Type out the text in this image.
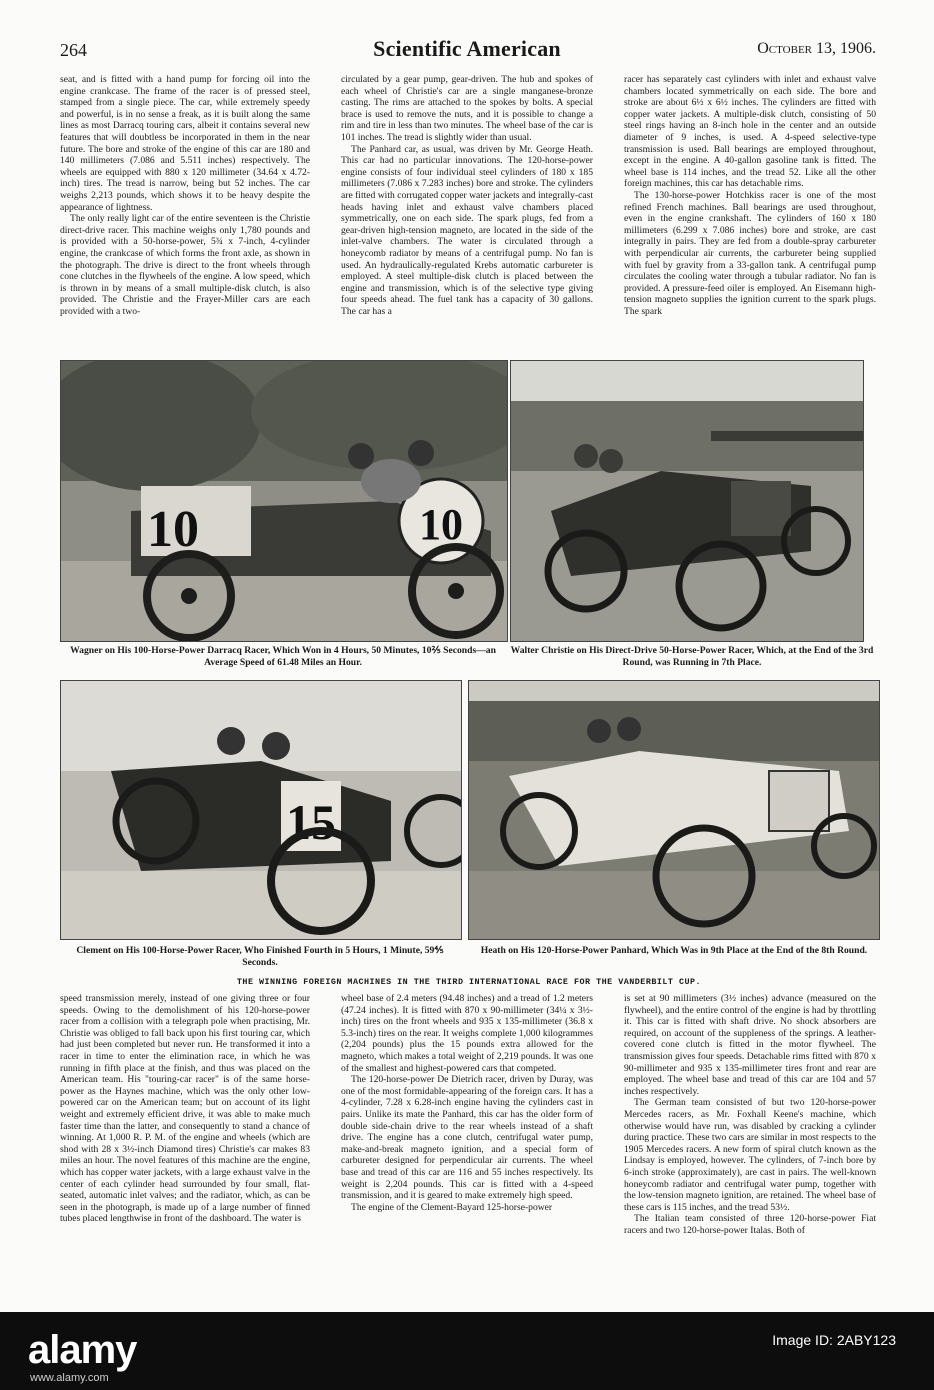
264	Scientific American	October 13, 1906.

seat, and is fitted with a hand pump for forcing oil into the engine crankcase. The frame of the racer is of pressed steel, stamped from a single piece. The car, while extremely speedy and powerful, is in no sense a freak, as it is built along the same lines as most Darracq touring cars, albeit it contains several new features that will doubtless be incorporated in them in the near future. The bore and stroke of the engine of this car are 180 and 140 millimeters (7.086 and 5.511 inches) respectively. The wheels are equipped with 880 x 120 millimeter (34.64 x 4.72-inch) tires. The tread is narrow, being but 52 inches. The car weighs 2,213 pounds, which shows it to be heavy despite the appearance of lightness.

The only really light car of the entire seventeen is the Christie direct-drive racer. This machine weighs only 1,780 pounds and is provided with a 50-horse-power, 5¾ x 7-inch, 4-cylinder engine, the crankcase of which forms the front axle, as shown in the photograph. The drive is direct to the front wheels through cone clutches in the flywheels of the engine. A low speed, which is thrown in by means of a small multiple-disk clutch, is also provided. The Christie and the Frayer-Miller cars are each provided with a two-

circulated by a gear pump, gear-driven. The hub and spokes of each wheel of Christie's car are a single manganese-bronze casting. The rims are attached to the spokes by bolts. A special brace is used to remove the nuts, and it is possible to change a rim and tire in less than two minutes. The wheel base of the car is 101 inches. The tread is slightly wider than usual.

The Panhard car, as usual, was driven by Mr. George Heath. This car had no particular innovations. The 120-horse-power engine consists of four individual steel cylinders of 180 x 185 millimeters (7.086 x 7.283 inches) bore and stroke. The cylinders are fitted with corrugated copper water jackets and integrally-cast heads having inlet and exhaust valve chambers placed symmetrically, one on each side. The spark plugs, fed from a gear-driven high-tension magneto, are located in the side of the inlet-valve chambers. The water is circulated through a honeycomb radiator by means of a centrifugal pump. No fan is used. An hydraulically-regulated Krebs automatic carbureter is employed. A steel multiple-disk clutch is placed between the engine and transmission, which is of the selective type giving four speeds ahead. The fuel tank has a capacity of 30 gallons. The car has a

racer has separately cast cylinders with inlet and exhaust valve chambers located symmetrically on each side. The bore and stroke are about 6½ x 6½ inches. The cylinders are fitted with copper water jackets. A multiple-disk clutch, consisting of 50 steel rings having an 8-inch hole in the center and an outside diameter of 9 inches, is used. A 4-speed selective-type transmission is used. Ball bearings are employed throughout, except in the engine. A 40-gallon gasoline tank is fitted. The wheel base is 114 inches, and the tread 52. Like all the other foreign machines, this car has detachable rims.

The 130-horse-power Hotchkiss racer is one of the most refined French machines. Ball bearings are used throughout, even in the engine crankshaft. The cylinders of 160 x 180 millimeters (6.299 x 7.086 inches) bore and stroke, are cast integrally in pairs. They are fed from a double-spray carbureter with perpendicular air currents, the carbureter being supplied with fuel by gravity from a 33-gallon tank. A centrifugal pump circulates the cooling water through a tubular radiator. No fan is provided. A pressure-feed oiler is employed. An Eisemann high-tension magneto supplies the ignition current to the spark plugs. The spark

10
10
Wagner on His 100-Horse-Power Darracq Racer, Which Won in 4 Hours, 50 Minutes, 10⅖ Seconds—an Average Speed of 61.48 Miles an Hour.
Walter Christie on His Direct-Drive 50-Horse-Power Racer, Which, at the End of the 3rd Round, was Running in 7th Place.
15
Clement on His 100-Horse-Power Racer, Who Finished Fourth in 5 Hours, 1 Minute, 59⅘ Seconds.
Heath on His 120-Horse-Power Panhard, Which Was in 9th Place at the End of the 8th Round.
THE WINNING FOREIGN MACHINES IN THE THIRD INTERNATIONAL RACE FOR THE VANDERBILT CUP.

speed transmission merely, instead of one giving three or four speeds. Owing to the demolishment of his 120-horse-power racer from a collision with a telegraph pole when practising, Mr. Christie was obliged to fall back upon his first touring car, which had just been completed but never run. He transformed it into a racer in time to enter the elimination race, in which he was running in fifth place at the finish, and thus was placed on the American team. His "touring-car racer" is of the same horse-power as the Haynes machine, which was the only other low-powered car on the American team; but on account of its light weight and extremely efficient drive, it was able to make much faster time than the latter, and consequently to stand a chance of winning. At 1,000 R. P. M. of the engine and wheels (which are shod with 28 x 3½-inch Diamond tires) Christie's car makes 83 miles an hour. The novel features of this machine are the engine, which has copper water jackets, with a large exhaust valve in the center of each cylinder head surrounded by four small, flat-seated, automatic inlet valves; and the radiator, which, as can be seen in the photograph, is made up of a large number of finned tubes placed lengthwise in front of the dashboard. The water is

wheel base of 2.4 meters (94.48 inches) and a tread of 1.2 meters (47.24 inches). It is fitted with 870 x 90-millimeter (34¼ x 3½-inch) tires on the front wheels and 935 x 135-millimeter (36.8 x 5.3-inch) tires on the rear. It weighs complete 1,000 kilogrammes (2,204 pounds) plus the 15 pounds extra allowed for the magneto, which makes a total weight of 2,219 pounds. It was one of the smallest and highest-powered cars that competed.

The 120-horse-power De Dietrich racer, driven by Duray, was one of the most formidable-appearing of the foreign cars. It has a 4-cylinder, 7.28 x 6.28-inch engine having the cylinders cast in pairs. Unlike its mate the Panhard, this car has the older form of double side-chain drive to the rear wheels instead of a shaft drive. The engine has a cone clutch, centrifugal water pump, make-and-break magneto ignition, and a special form of carbureter designed for perpendicular air currents. The wheel base and tread of this car are 116 and 55 inches respectively. Its weight is 2,204 pounds. This car is fitted with a 4-speed transmission, and it is geared to make extremely high speed.

The engine of the Clement-Bayard 125-horse-power

is set at 90 millimeters (3½ inches) advance (measured on the flywheel), and the entire control of the engine is had by throttling it. This car is fitted with shaft drive. No shock absorbers are required, on account of the suppleness of the springs. A leather-covered cone clutch is fitted in the motor flywheel. The transmission gives four speeds. Detachable rims fitted with 870 x 90-millimeter and 935 x 135-millimeter tires front and rear are employed. The wheel base and tread of this car are 104 and 57 inches respectively.

The German team consisted of but two 120-horse-power Mercedes racers, as Mr. Foxhall Keene's machine, which otherwise would have run, was disabled by cracking a cylinder during practice. These two cars are similar in most respects to the 1905 Mercedes racers. A new form of spiral clutch known as the Lindsay is employed, however. The cylinders, of 7-inch bore by 6-inch stroke (approximately), are cast in pairs. The well-known honeycomb radiator and centrifugal water pump, together with the low-tension magneto ignition, are retained. The wheel base of these cars is 115 inches, and the tread 53½.

The Italian team consisted of three 120-horse-power Fiat racers and two 120-horse-power Italas. Both of

alamy
www.alamy.com
Image ID: 2ABY123
